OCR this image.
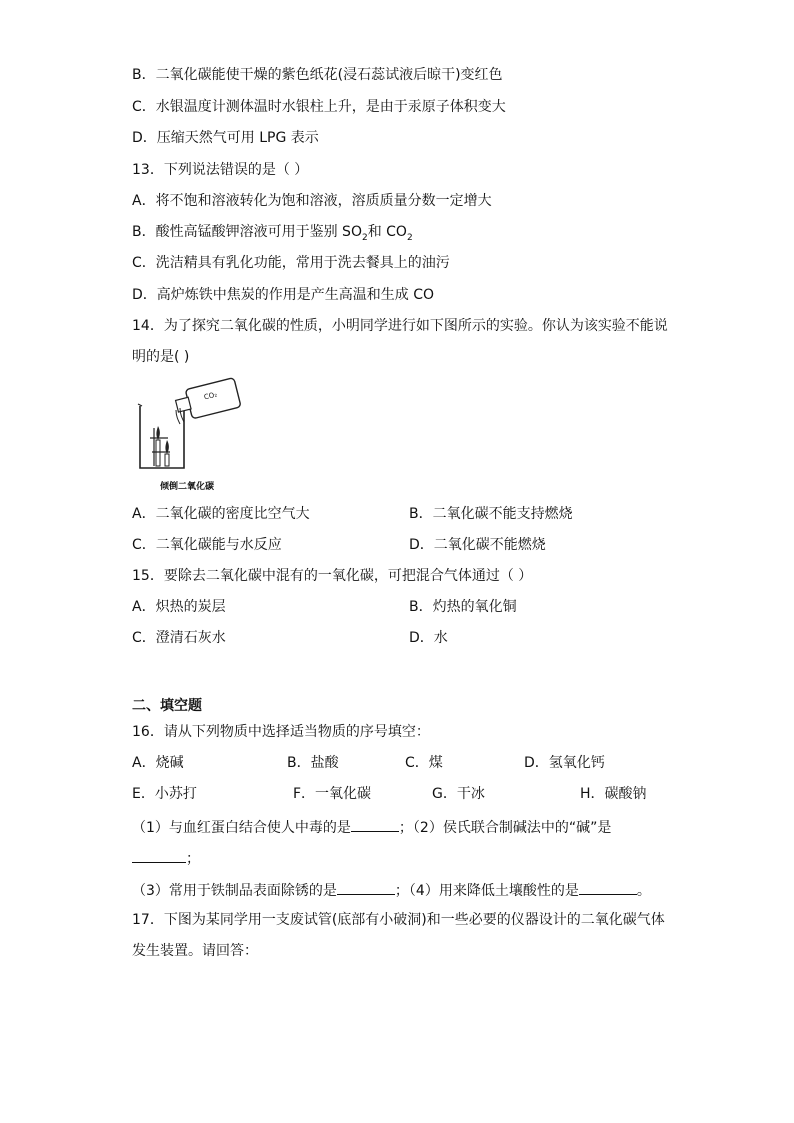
B．二氧化碳能使干燥的紫色纸花(浸石蕊试液后晾干)变红色
C．水银温度计测体温时水银柱上升，是由于汞原子体积变大
D．压缩天然气可用 LPG 表示
13．下列说法错误的是（ ）
A．将不饱和溶液转化为饱和溶液，溶质质量分数一定增大
B．酸性高锰酸钾溶液可用于鉴别 $SO_2$和 $CO_2$
C．洗洁精具有乳化功能，常用于洗去餐具上的油污
D．高炉炼铁中焦炭的作用是产生高温和生成 CO
14．为了探究二氧化碳的性质，小明同学进行如下图所示的实验。你认为该实验不能说
明的是( )
CO₂
倾倒二氧化碳
A．二氧化碳的密度比空气大	B．二氧化碳不能支持燃烧
C．二氧化碳能与水反应	D．二氧化碳不能燃烧
15．要除去二氧化碳中混有的一氧化碳，可把混合气体通过（ ）
A．炽热的炭层	B．灼热的氧化铜
C．澄清石灰水	D．水
二、填空题
16．请从下列物质中选择适当物质的序号填空：
A．烧碱	B．盐酸	C．煤	D．氢氧化钙
E．小苏打	F．一氧化碳	G．干冰	H．碳酸钠
（1）与血红蛋白结合使人中毒的是	；（2）侯氏联合制碱法中的“碱”是
；
（3）常用于铁制品表面除锈的是	；（4）用来降低土壤酸性的是	。
17．下图为某同学用一支废试管(底部有小破洞)和一些必要的仪器设计的二氧化碳气体
发生装置。请回答：
